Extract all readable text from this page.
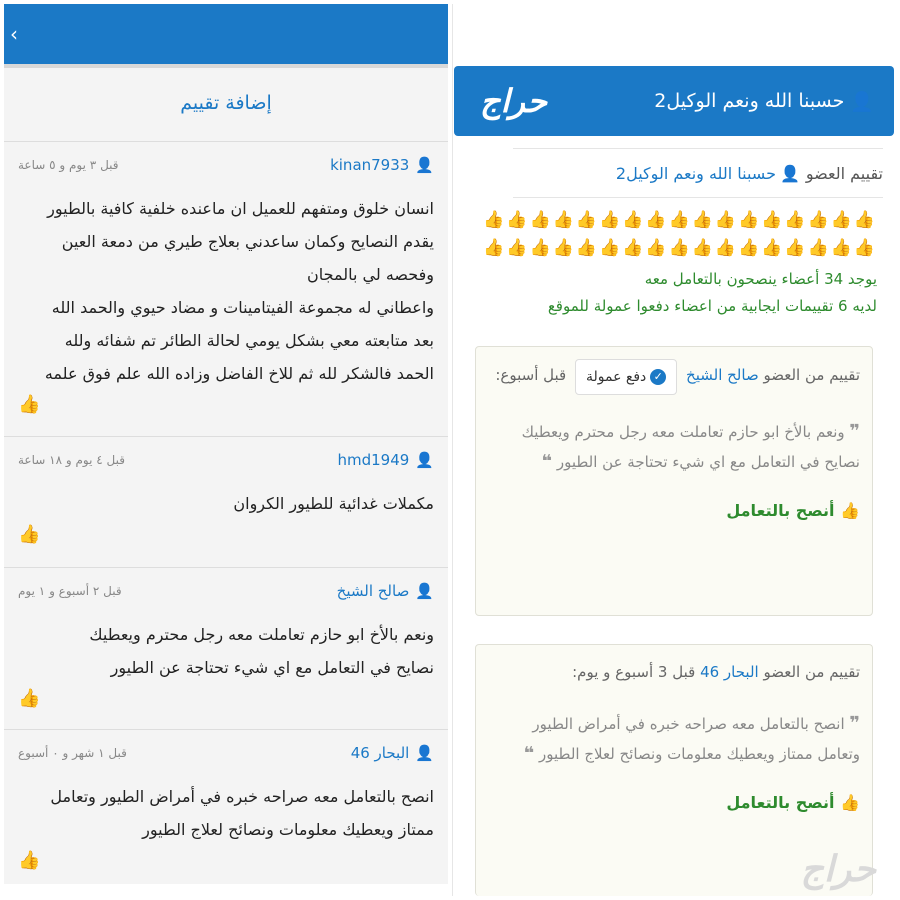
‹
إضافة تقييم
👤
kinan7933
قبل ٣ يوم و ٥ ساعة
انسان خلوق ومتفهم للعميل ان ماعنده خلفية كافية بالطيور
يقدم النصايح وكمان ساعدني بعلاج طيري من دمعة العين
وفحصه لي بالمجان
واعطاني له مجموعة الفيتامينات و مضاد حيوي والحمد الله
بعد متابعته معي بشكل يومي لحالة الطائر تم شفائه ولله
الحمد فالشكر لله ثم للاخ الفاضل وزاده الله علم فوق علمه
👍
👤
hmd1949
قبل ٤ يوم و ١٨ ساعة
مكملات غدائية للطيور الكروان
👍
👤
صالح الشيخ
قبل ٢ أسبوع و ١ يوم
ونعم بالأخ ابو حازم تعاملت معه رجل محترم ويعطيك
نصايح في التعامل مع اي شيء تحتاجة عن الطيور
👍
👤
البحار 46
قبل ١ شهر و ٠ أسبوع
انصح بالتعامل معه صراحه خبره في أمراض الطيور وتعامل
ممتاز ويعطيك معلومات ونصائح لعلاج الطيور
👍
حراج	👤
حسبنا الله ونعم الوكيل2
تقييم العضو
👤
حسبنا الله ونعم الوكيل2
👍👍👍👍👍👍👍👍👍👍👍👍👍👍👍👍👍
👍👍👍👍👍👍👍👍👍👍👍👍👍👍👍👍👍
يوجد 34 أعضاء ينصحون بالتعامل معه
لديه 6 تقييمات ايجابية من اعضاء دفعوا عمولة للموقع
تقييم من العضو صالح الشيخ
✓
دفع عمولة
قبل أسبوع:
❞ ونعم بالأخ ابو حازم تعاملت معه رجل محترم ويعطيك نصايح في التعامل مع اي شيء تحتاجة عن الطيور ❝
👍 أنصح بالتعامل
تقييم من العضو البحار 46 قبل 3 أسبوع و يوم:
❞ انصح بالتعامل معه صراحه خبره في أمراض الطيور وتعامل ممتاز ويعطيك معلومات ونصائح لعلاج الطيور ❝
👍 أنصح بالتعامل
حراج
